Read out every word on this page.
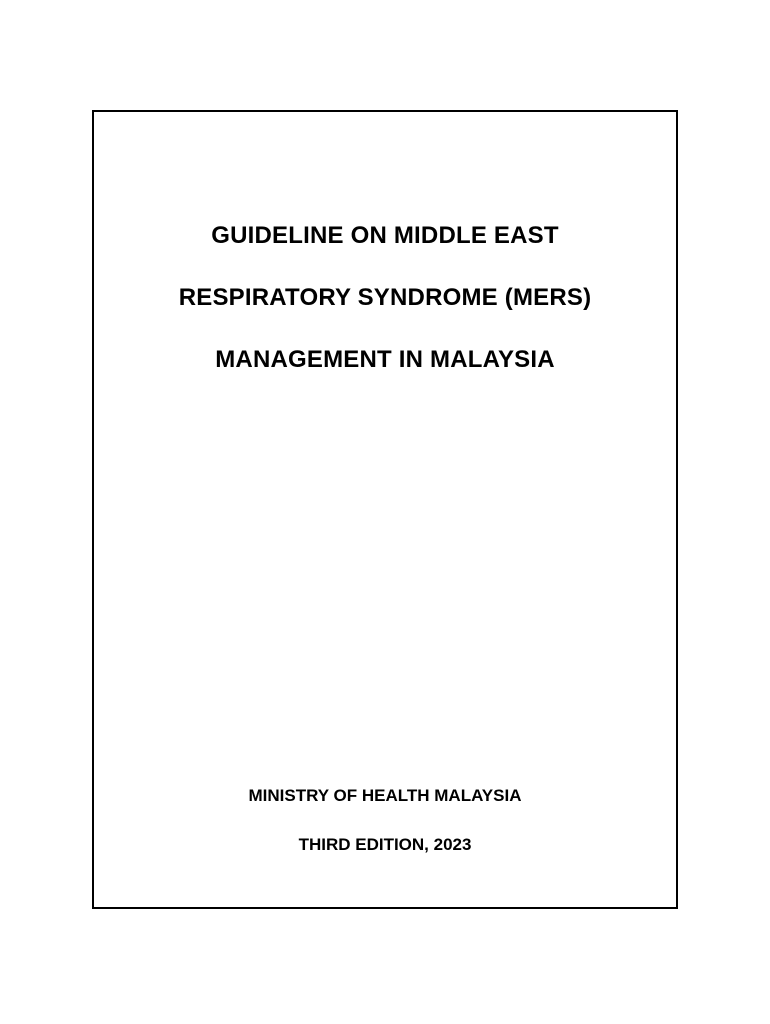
GUIDELINE ON MIDDLE EAST
RESPIRATORY SYNDROME (MERS)
MANAGEMENT IN MALAYSIA
MINISTRY OF HEALTH MALAYSIA
THIRD EDITION, 2023
